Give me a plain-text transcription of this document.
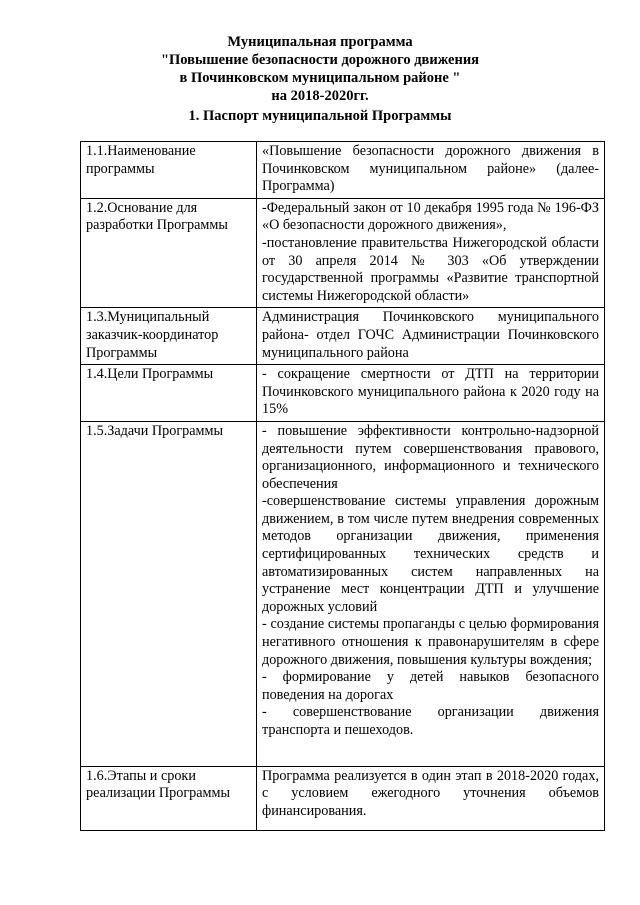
Муниципальная программа
"Повышение безопасности дорожного движения
в Починковском муниципальном районе "
на 2018-2020гг.
1. Паспорт муниципальной Программы
1.1.Наименование программы	«Повышение безопасности дорожного движения в Починковском муниципальном районе» (далее-Программа)

1.2.Основание для разработки Программы	-Федеральный закон от 10 декабря 1995 года № 196-ФЗ «О безопасности дорожного движения»,
-постановление правительства Нижегородской области от 30 апреля 2014 № 303 «Об утверждении государственной программы «Развитие транспортной системы Нижегородской области»

1.3.Муниципальный заказчик-координатор Программы	Администрация Починковского муниципального района- отдел ГОЧС Администрации Починковского муниципального района

1.4.Цели Программы	- сокращение смертности от ДТП на территории Починковского муниципального района к 2020 году на 15%

1.5.Задачи Программы	- повышение эффективности контрольно-надзорной деятельности путем совершенствования правового, организационного, информационного и технического обеспечения
-совершенствование системы управления дорожным движением, в том числе путем внедрения современных методов организации движения, применения сертифицированных технических средств и автоматизированных систем направленных на устранение мест концентрации ДТП и улучшение дорожных условий
- создание системы пропаганды с целью формирования негативного отношения к правонарушителям в сфере дорожного движения, повышения культуры вождения;
- формирование у детей навыков безопасного поведения на дорогах
- совершенствование организации движения транспорта и пешеходов.

1.6.Этапы и сроки реализации Программы	Программа реализуется в один этап в 2018-2020 годах, с условием ежегодного уточнения объемов финансирования.
